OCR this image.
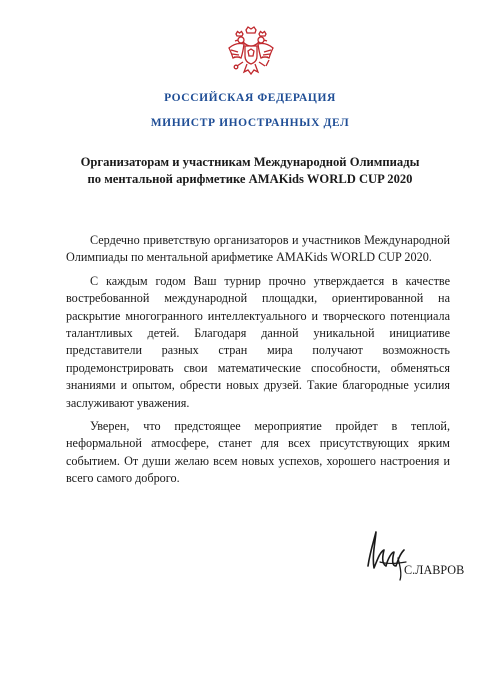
РОССИЙСКАЯ ФЕДЕРАЦИЯ
МИНИСТР ИНОСТРАННЫХ ДЕЛ
Организаторам и участникам Международной Олимпиады
по ментальной арифметике AMAKids WORLD CUP 2020

Сердечно приветствую организаторов и участников Международной Олимпиады по ментальной арифметике AMAKids WORLD CUP 2020.

С каждым годом Ваш турнир прочно утверждается в качестве востребованной международной площадки, ориентированной на раскрытие многогранного интеллектуального и творческого потенциала талантливых детей. Благодаря данной уникальной инициативе представители разных стран мира получают возможность продемонстрировать свои математические способности, обменяться знаниями и опытом, обрести новых друзей. Такие благородные усилия заслуживают уважения.

Уверен, что предстоящее мероприятие пройдет в теплой, неформальной атмосфере, станет для всех присутствующих ярким событием. От души желаю всем новых успехов, хорошего настроения и всего самого доброго.

С.ЛАВРОВ
